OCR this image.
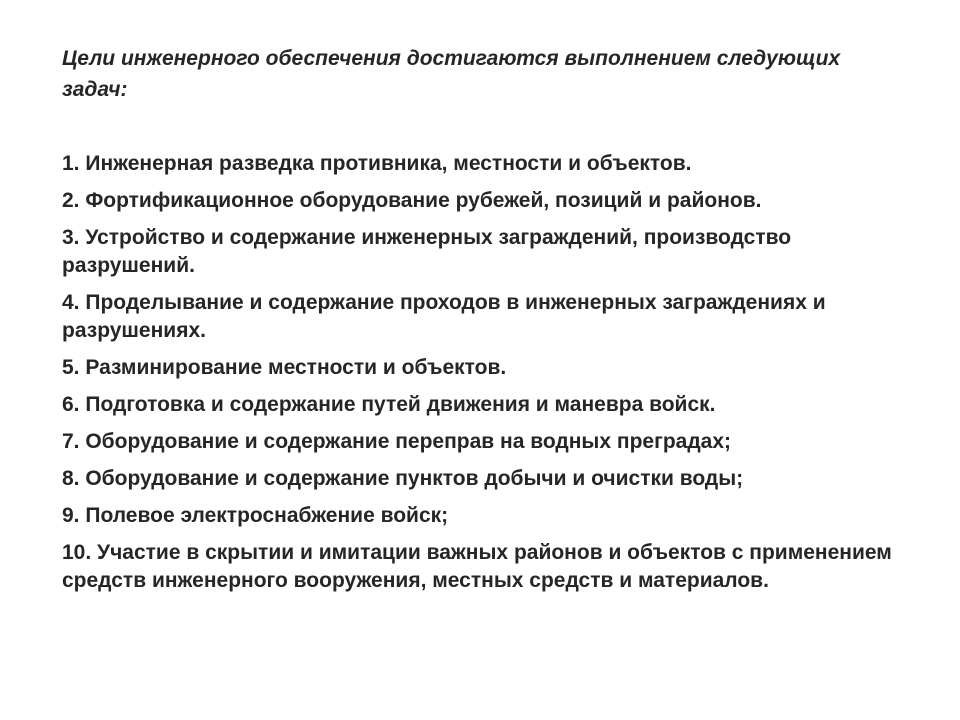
Цели инженерного обеспечения достигаются выполнением следующих задач:

1. Инженерная разведка противника, местности и объектов.
2. Фортификационное оборудование рубежей, позиций и районов.
3. Устройство и содержание инженерных заграждений, производство разрушений.
4. Проделывание и содержание проходов в инженерных заграждениях и разрушениях.
5. Разминирование местности и объектов.
6. Подготовка и содержание путей движения и маневра войск.
7. Оборудование и содержание переправ на водных преградах;
8. Оборудование и содержание пунктов добычи и очистки воды;
9. Полевое электроснабжение войск;
10. Участие в скрытии и имитации важных районов и объектов с применением средств инженерного вооружения, местных средств и материалов.
